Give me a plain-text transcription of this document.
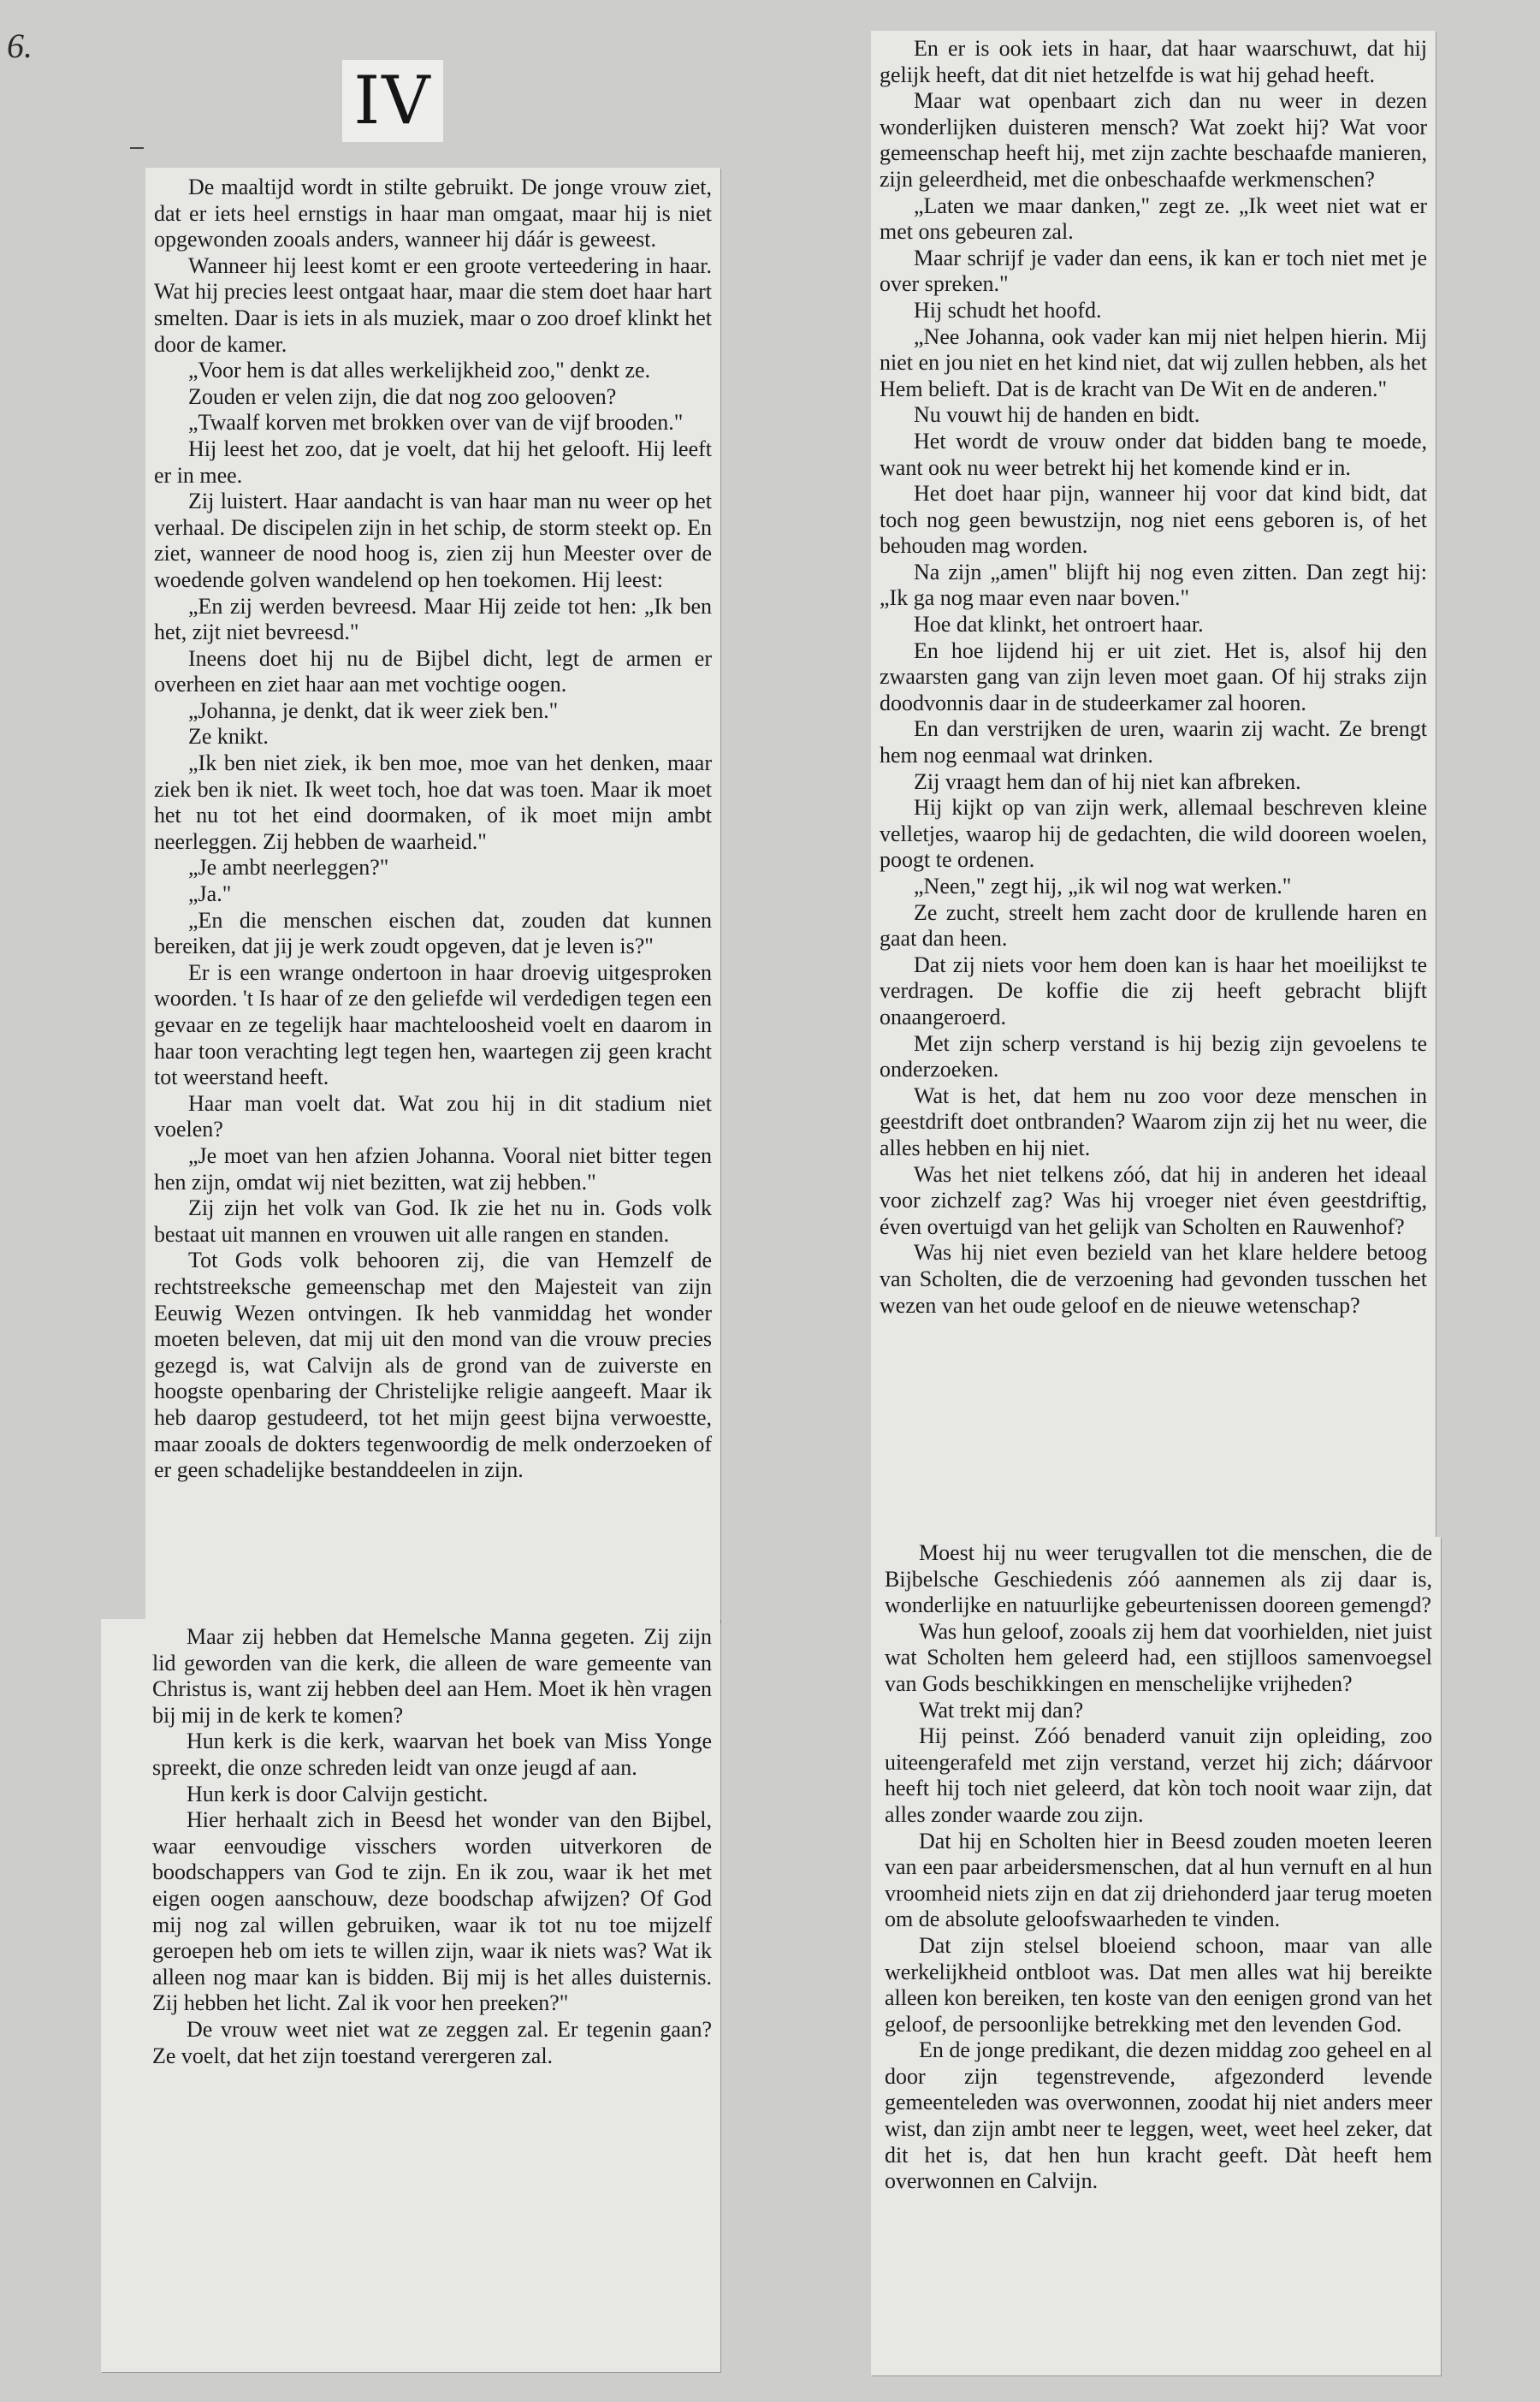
6.
IV

De maaltijd wordt in stilte gebruikt. De jonge vrouw ziet, dat er iets heel ernstigs in haar man omgaat, maar hij is niet opgewonden zooals anders, wanneer hij dáár is geweest.

Wanneer hij leest komt er een groote verteedering in haar. Wat hij precies leest ontgaat haar, maar die stem doet haar hart smelten. Daar is iets in als muziek, maar o zoo droef klinkt het door de kamer.

„Voor hem is dat alles werkelijkheid zoo," denkt ze.

Zouden er velen zijn, die dat nog zoo gelooven?

„Twaalf korven met brokken over van de vijf brooden."

Hij leest het zoo, dat je voelt, dat hij het gelooft. Hij leeft er in mee.

Zij luistert. Haar aandacht is van haar man nu weer op het verhaal. De discipelen zijn in het schip, de storm steekt op. En ziet, wanneer de nood hoog is, zien zij hun Meester over de woedende golven wandelend op hen toekomen. Hij leest:

„En zij werden bevreesd. Maar Hij zeide tot hen: „Ik ben het, zijt niet bevreesd."

Ineens doet hij nu de Bijbel dicht, legt de armen er overheen en ziet haar aan met vochtige oogen.

„Johanna, je denkt, dat ik weer ziek ben."

Ze knikt.

„Ik ben niet ziek, ik ben moe, moe van het denken, maar ziek ben ik niet. Ik weet toch, hoe dat was toen. Maar ik moet het nu tot het eind doormaken, of ik moet mijn ambt neerleggen. Zij hebben de waarheid."

„Je ambt neerleggen?"

„Ja."

„En die menschen eischen dat, zouden dat kunnen bereiken, dat jij je werk zoudt opgeven, dat je leven is?"

Er is een wrange ondertoon in haar droevig uitgesproken woorden. 't Is haar of ze den geliefde wil verdedigen tegen een gevaar en ze tegelijk haar machteloosheid voelt en daarom in haar toon verachting legt tegen hen, waartegen zij geen kracht tot weerstand heeft.

Haar man voelt dat. Wat zou hij in dit stadium niet voelen?

„Je moet van hen afzien Johanna. Vooral niet bitter tegen hen zijn, omdat wij niet bezitten, wat zij hebben."

Zij zijn het volk van God. Ik zie het nu in. Gods volk bestaat uit mannen en vrouwen uit alle rangen en standen.

Tot Gods volk behooren zij, die van Hemzelf de rechtstreeksche gemeenschap met den Majesteit van zijn Eeuwig Wezen ontvingen. Ik heb vanmiddag het wonder moeten beleven, dat mij uit den mond van die vrouw precies gezegd is, wat Calvijn als de grond van de zuiverste en hoogste openbaring der Christelijke religie aangeeft. Maar ik heb daarop gestudeerd, tot het mijn geest bijna verwoestte, maar zooals de dokters tegenwoordig de melk onderzoeken of er geen schadelijke bestanddeelen in zijn.

Maar zij hebben dat Hemelsche Manna gegeten. Zij zijn lid geworden van die kerk, die alleen de ware gemeente van Christus is, want zij hebben deel aan Hem. Moet ik hèn vragen bij mij in de kerk te komen?

Hun kerk is die kerk, waarvan het boek van Miss Yonge spreekt, die onze schreden leidt van onze jeugd af aan.

Hun kerk is door Calvijn gesticht.

Hier herhaalt zich in Beesd het wonder van den Bijbel, waar eenvoudige visschers worden uitverkoren de boodschappers van God te zijn. En ik zou, waar ik het met eigen oogen aanschouw, deze boodschap afwijzen? Of God mij nog zal willen gebruiken, waar ik tot nu toe mijzelf geroepen heb om iets te willen zijn, waar ik niets was? Wat ik alleen nog maar kan is bidden. Bij mij is het alles duisternis. Zij hebben het licht. Zal ik voor hen preeken?"

De vrouw weet niet wat ze zeggen zal. Er tegenin gaan? Ze voelt, dat het zijn toestand verergeren zal.

En er is ook iets in haar, dat haar waarschuwt, dat hij gelijk heeft, dat dit niet hetzelfde is wat hij gehad heeft.

Maar wat openbaart zich dan nu weer in dezen wonderlijken duisteren mensch? Wat zoekt hij? Wat voor gemeenschap heeft hij, met zijn zachte beschaafde manieren, zijn geleerdheid, met die onbeschaafde werkmenschen?

„Laten we maar danken," zegt ze. „Ik weet niet wat er met ons gebeuren zal.

Maar schrijf je vader dan eens, ik kan er toch niet met je over spreken."

Hij schudt het hoofd.

„Nee Johanna, ook vader kan mij niet helpen hierin. Mij niet en jou niet en het kind niet, dat wij zullen hebben, als het Hem belieft. Dat is de kracht van De Wit en de anderen."

Nu vouwt hij de handen en bidt.

Het wordt de vrouw onder dat bidden bang te moede, want ook nu weer betrekt hij het komende kind er in.

Het doet haar pijn, wanneer hij voor dat kind bidt, dat toch nog geen bewustzijn, nog niet eens geboren is, of het behouden mag worden.

Na zijn „amen" blijft hij nog even zitten. Dan zegt hij: „Ik ga nog maar even naar boven."

Hoe dat klinkt, het ontroert haar.

En hoe lijdend hij er uit ziet. Het is, alsof hij den zwaarsten gang van zijn leven moet gaan. Of hij straks zijn doodvonnis daar in de studeerkamer zal hooren.

En dan verstrijken de uren, waarin zij wacht. Ze brengt hem nog eenmaal wat drinken.

Zij vraagt hem dan of hij niet kan afbreken.

Hij kijkt op van zijn werk, allemaal beschreven kleine velletjes, waarop hij de gedachten, die wild dooreen woelen, poogt te ordenen.

„Neen," zegt hij, „ik wil nog wat werken."

Ze zucht, streelt hem zacht door de krullende haren en gaat dan heen.

Dat zij niets voor hem doen kan is haar het moeilijkst te verdragen. De koffie die zij heeft gebracht blijft onaangeroerd.

Met zijn scherp verstand is hij bezig zijn gevoelens te onderzoeken.

Wat is het, dat hem nu zoo voor deze menschen in geestdrift doet ontbranden? Waarom zijn zij het nu weer, die alles hebben en hij niet.

Was het niet telkens zóó, dat hij in anderen het ideaal voor zichzelf zag? Was hij vroeger niet éven geestdriftig, éven overtuigd van het gelijk van Scholten en Rauwenhof?

Was hij niet even bezield van het klare heldere betoog van Scholten, die de verzoening had gevonden tusschen het wezen van het oude geloof en de nieuwe wetenschap?

Moest hij nu weer terugvallen tot die menschen, die de Bijbelsche Geschiedenis zóó aannemen als zij daar is, wonderlijke en natuurlijke gebeurtenissen dooreen gemengd?

Was hun geloof, zooals zij hem dat voorhielden, niet juist wat Scholten hem geleerd had, een stijlloos samenvoegsel van Gods beschikkingen en menschelijke vrijheden?

Wat trekt mij dan?

Hij peinst. Zóó benaderd vanuit zijn opleiding, zoo uiteengerafeld met zijn verstand, verzet hij zich; dáárvoor heeft hij toch niet geleerd, dat kòn toch nooit waar zijn, dat alles zonder waarde zou zijn.

Dat hij en Scholten hier in Beesd zouden moeten leeren van een paar arbeidersmenschen, dat al hun vernuft en al hun vroomheid niets zijn en dat zij driehonderd jaar terug moeten om de absolute geloofswaarheden te vinden.

Dat zijn stelsel bloeiend schoon, maar van alle werkelijkheid ontbloot was. Dat men alles wat hij bereikte alleen kon bereiken, ten koste van den eenigen grond van het geloof, de persoonlijke betrekking met den levenden God.

En de jonge predikant, die dezen middag zoo geheel en al door zijn tegenstrevende, afgezonderd levende gemeenteleden was overwonnen, zoodat hij niet anders meer wist, dan zijn ambt neer te leggen, weet, weet heel zeker, dat dit het is, dat hen hun kracht geeft. Dàt heeft hem overwonnen en Calvijn.
